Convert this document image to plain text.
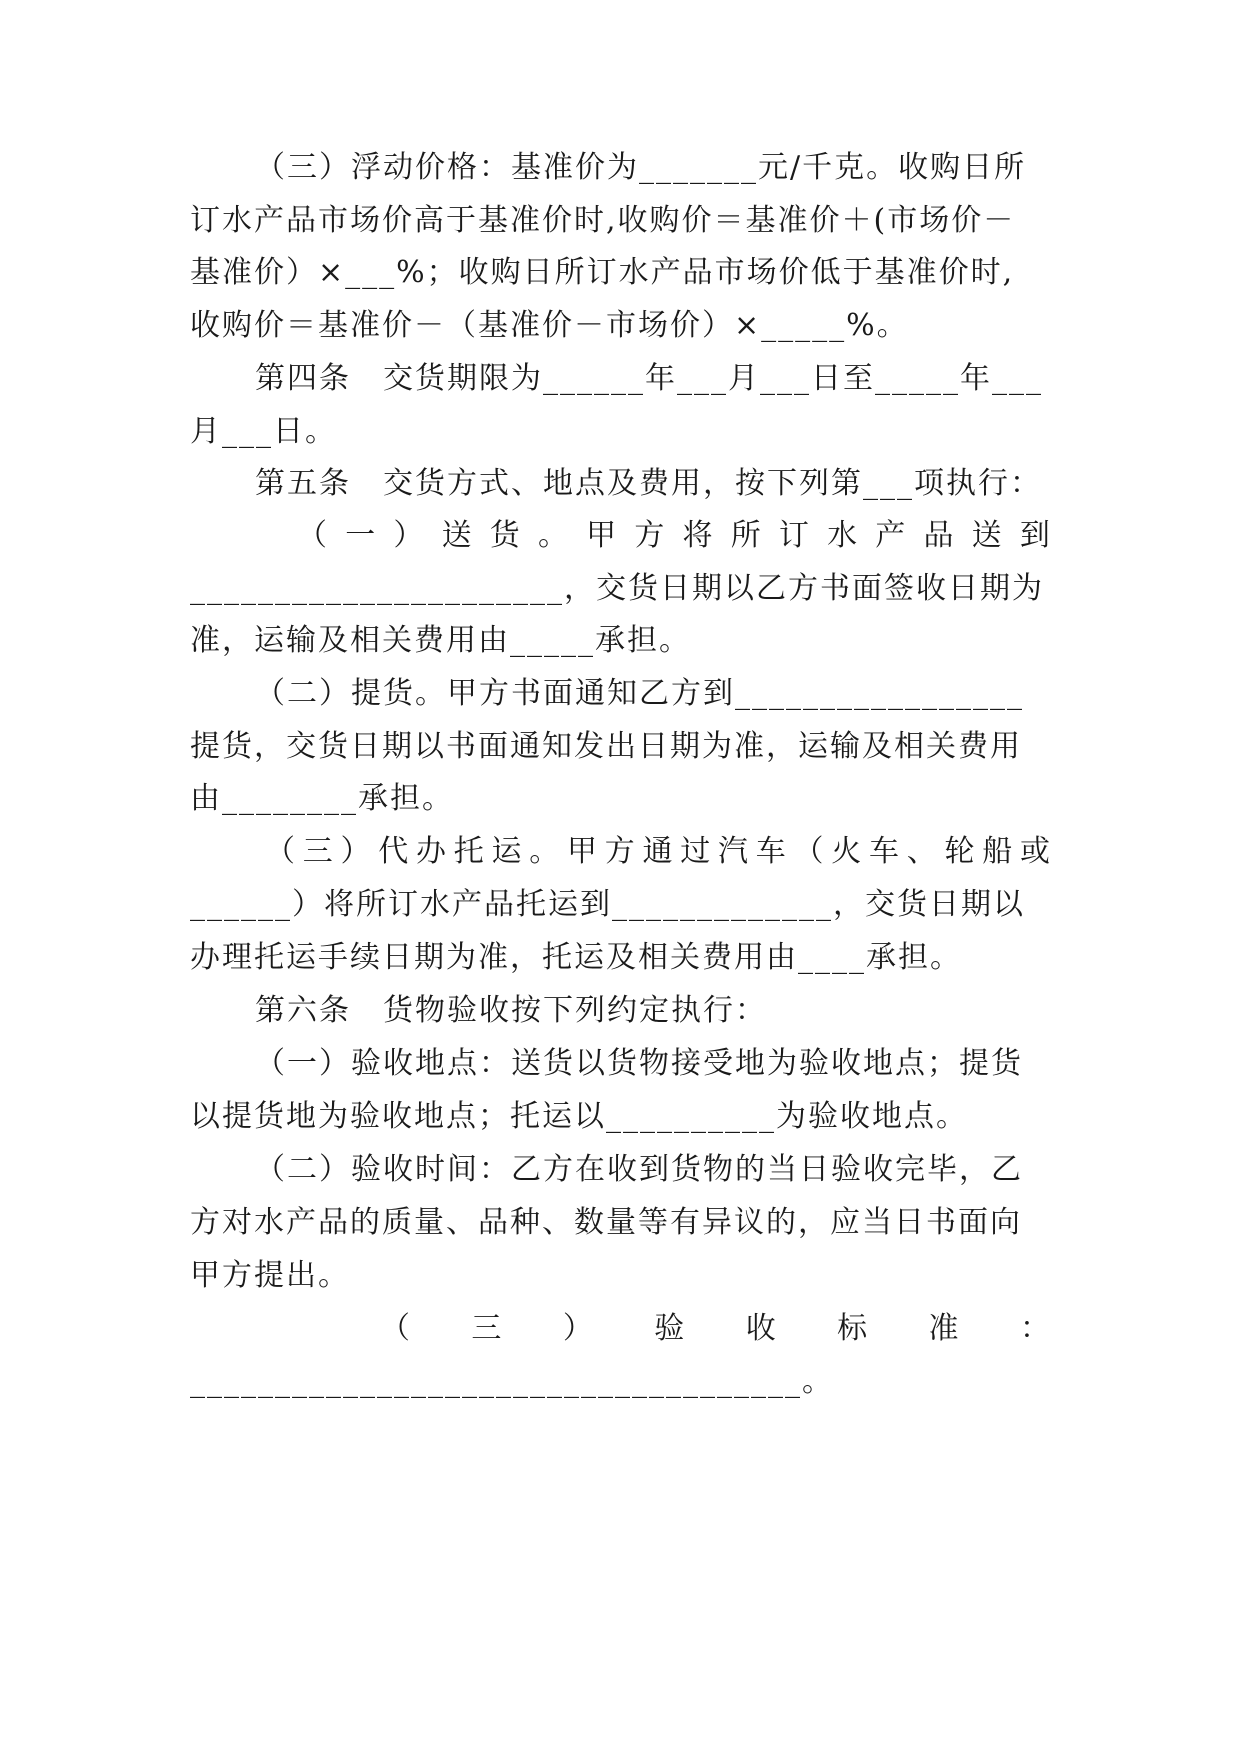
（三）浮动价格：基准价为_______元/千克。收购日所
订水产品市场价高于基准价时,收购价＝基准价＋(市场价－
基准价）×___%；收购日所订水产品市场价低于基准价时,
收购价＝基准价－（基准价－市场价）×_____%。
第四条　交货期限为______年___月___日至_____年___
月___日。
第五条　交货方式、地点及费用，按下列第___项执行：
（ 一 ） 送 货 。 甲 方 将 所 订 水 产 品 送 到
______________________，交货日期以乙方书面签收日期为
准，运输及相关费用由_____承担。
（二）提货。甲方书面通知乙方到_________________
提货，交货日期以书面通知发出日期为准，运输及相关费用
由________承担。
（ 三 ） 代 办 托 运 。 甲 方 通 过 汽 车 （ 火 车 、 轮 船 或
______）将所订水产品托运到_____________，交货日期以
办理托运手续日期为准，托运及相关费用由____承担。
第六条　货物验收按下列约定执行：
（一）验收地点：送货以货物接受地为验收地点；提货
以提货地为验收地点；托运以__________为验收地点。
（二）验收时间：乙方在收到货物的当日验收完毕，乙
方对水产品的质量、品种、数量等有异议的，应当日书面向
甲方提出。
（ 三 ） 验 收 标 准 ：
____________________________________。
